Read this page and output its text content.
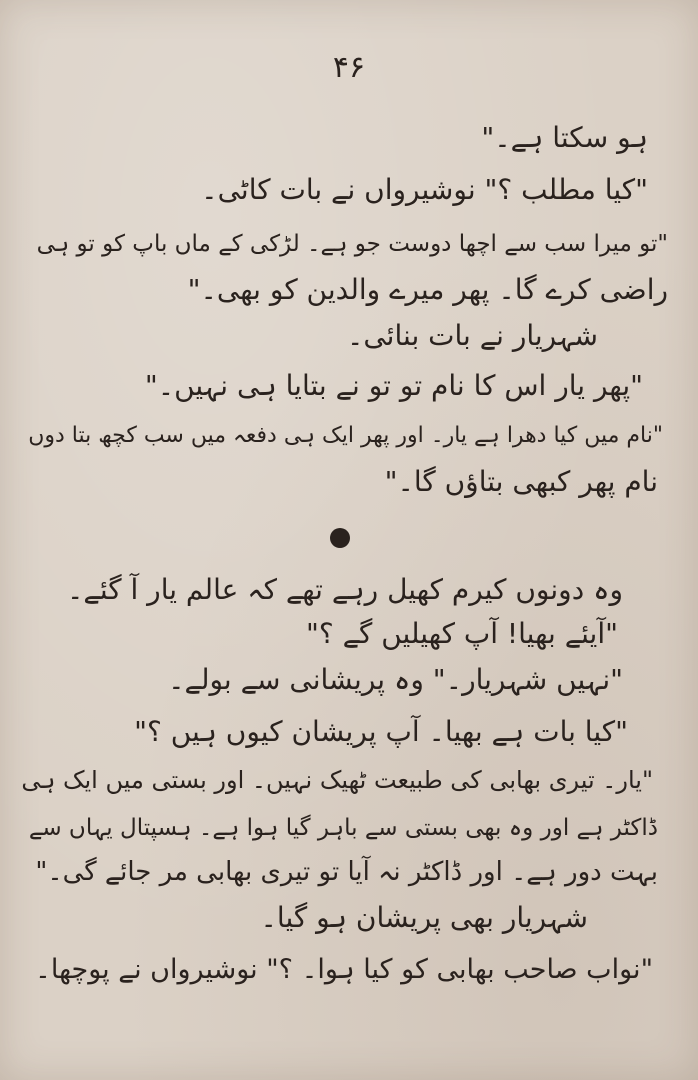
۴۶
ہو سکتا ہے۔"
"کیا مطلب ؟" نوشیرواں نے بات کاٹی۔
"تو میرا سب سے اچھا دوست جو ہے۔ لڑکی کے ماں باپ کو تو ہی
راضی کرے گا۔ پھر میرے والدین کو بھی۔"
شہریار نے بات بنائی۔
"پھر یار اس کا نام تو تو نے بتایا ہی نہیں۔"
"نام میں کیا دھرا ہے یار۔ اور پھر ایک ہی دفعہ میں سب کچھ بتا دوں
نام پھر کبھی بتاؤں گا۔"
وہ دونوں کیرم کھیل رہے تھے کہ عالم یار آ گئے۔
"آیئے بھیا! آپ کھیلیں گے ؟"
"نہیں شہریار۔" وہ پریشانی سے بولے۔
"کیا بات ہے بھیا۔ آپ پریشان کیوں ہیں ؟"
"یار۔ تیری بھابی کی طبیعت ٹھیک نہیں۔ اور بستی میں ایک ہی
ڈاکٹر ہے اور وہ بھی بستی سے باہر گیا ہوا ہے۔ ہسپتال یہاں سے
بہت دور ہے۔ اور ڈاکٹر نہ آیا تو تیری بھابی مر جائے گی۔"
شہریار بھی پریشان ہو گیا۔
"نواب صاحب بھابی کو کیا ہوا۔ ؟" نوشیرواں نے پوچھا۔
